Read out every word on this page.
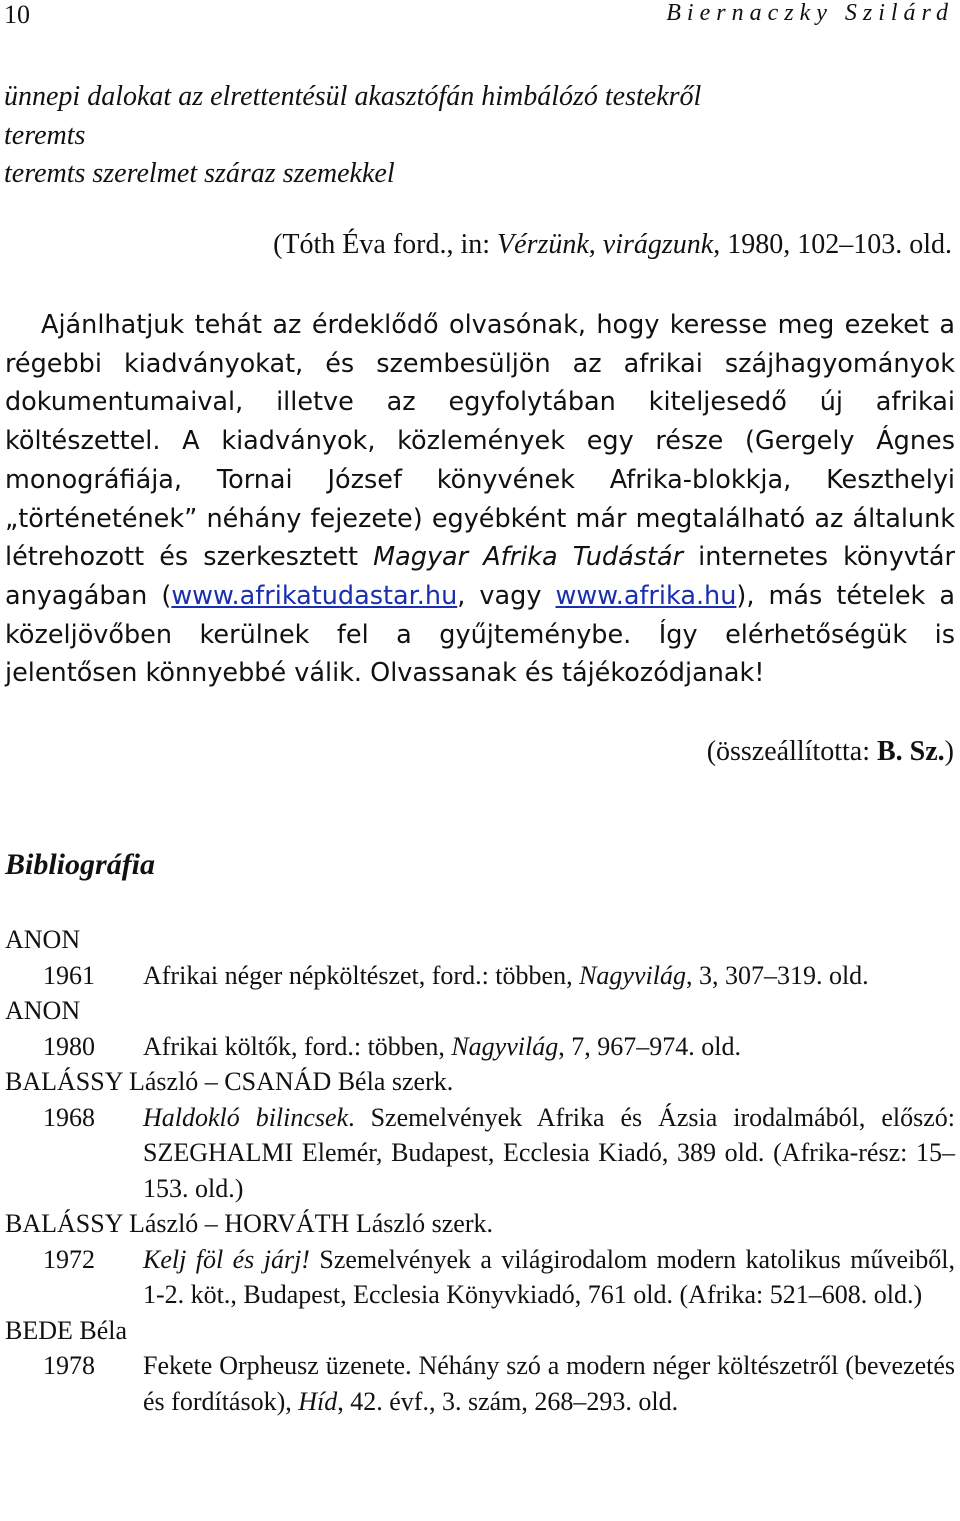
10	Biernaczky Szilárd
ünnepi dalokat az elrettentésül akasztófán himbálózó testekről
teremts
teremts szerelmet száraz szemekkel
(Tóth Éva ford., in: Vérzünk, virágzunk, 1980, 102–103. old.
Ajánlhatjuk tehát az érdeklődő olvasónak, hogy keresse meg ezeket a régebbi kiadványokat, és szembesüljön az afrikai szájhagyományok dokumentumaival, illetve az egyfolytában kiteljesedő új afrikai költészettel. A kiadványok, közlemények egy része (Gergely Ágnes monográfiája, Tornai József könyvének Afrika-blokkja, Keszthelyi „történetének” néhány fejezete) egyébként már megtalálható az általunk létrehozott és szerkesztett Magyar Afrika Tudástár internetes könyvtár anyagában (www.afrikatudastar.hu, vagy www.afrika.hu), más tételek a közeljövőben kerülnek fel a gyűjteménybe. Így elérhetőségük is jelentősen könnyebbé válik. Olvassanak és tájékozódjanak!
(összeállította: B. Sz.)
Bibliográfia
ANON
1961	Afrikai néger népköltészet, ford.: többen, Nagyvilág, 3, 307–319. old.
ANON
1980	Afrikai költők, ford.: többen, Nagyvilág, 7, 967–974. old.
BALÁSSY László – CSANÁD Béla szerk.
1968	Haldokló bilincsek. Szemelvények Afrika és Ázsia irodalmából, előszó: SZEGHALMI Elemér, Budapest, Ecclesia Kiadó, 389 old. (Afrika-rész: 15–153. old.)
BALÁSSY László – HORVÁTH László szerk.
1972	Kelj föl és járj! Szemelvények a világirodalom modern katolikus műveiből, 1-2. köt., Budapest, Ecclesia Könyvkiadó, 761 old. (Afrika: 521–608. old.)
BEDE Béla
1978	Fekete Orpheusz üzenete. Néhány szó a modern néger költészetről (bevezetés és fordítások), Híd, 42. évf., 3. szám, 268–293. old.
